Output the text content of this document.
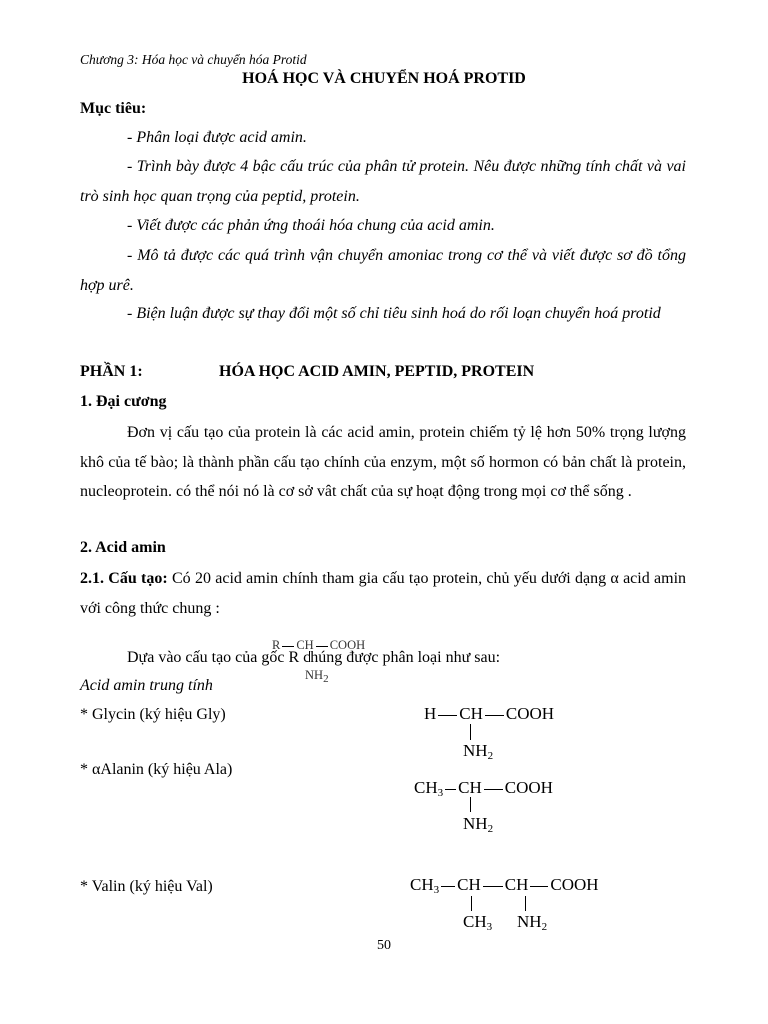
Chương 3: Hóa học và chuyển hóa Protid
HOÁ HỌC VÀ CHUYỂN HOÁ PROTID
Mục tiêu:
- Phân loại được acid amin.
- Trình bày được 4 bậc cấu trúc của phân tử protein. Nêu được những tính chất và vai trò sinh học quan trọng của peptid, protein.
- Viết được các phản ứng thoái hóa chung của acid amin.
- Mô tả được các quá trình vận chuyển amoniac trong cơ thể và viết được sơ đồ tổng hợp urê.
- Biện luận được sự thay đổi một số chỉ tiêu sinh hoá do rối loạn chuyển hoá protid
PHẦN 1:	HÓA HỌC ACID AMIN, PEPTID, PROTEIN
1. Đại cương
Đơn vị cấu tạo của protein là các acid amin, protein chiếm tỷ lệ hơn 50% trọng lượng khô của tế bào; là thành phần cấu tạo chính của enzym, một số hormon có bản chất là protein, nucleoprotein. có thể nói nó là cơ sở vât chất của sự hoạt động trong mọi cơ thể sống .
2. Acid amin
2.1. Cấu tạo: Có 20 acid amin chính tham gia cấu tạo protein, chủ yếu dưới dạng α acid amin với công thức chung :
R CH COOH
$NH_2$
Dựa vào cấu tạo của gốc R chúng được phân loại như sau:
Acid amin trung tính
* Glycin (ký hiệu Gly)	H CH COOH
$NH_2$
* αAlanin (ký hiệu Ala)
$CH_3$ CH COOH
$NH_2$
* Valin (ký hiệu Val)	$CH_3$ CH CH COOH
$CH_3$ $NH_2$
50
